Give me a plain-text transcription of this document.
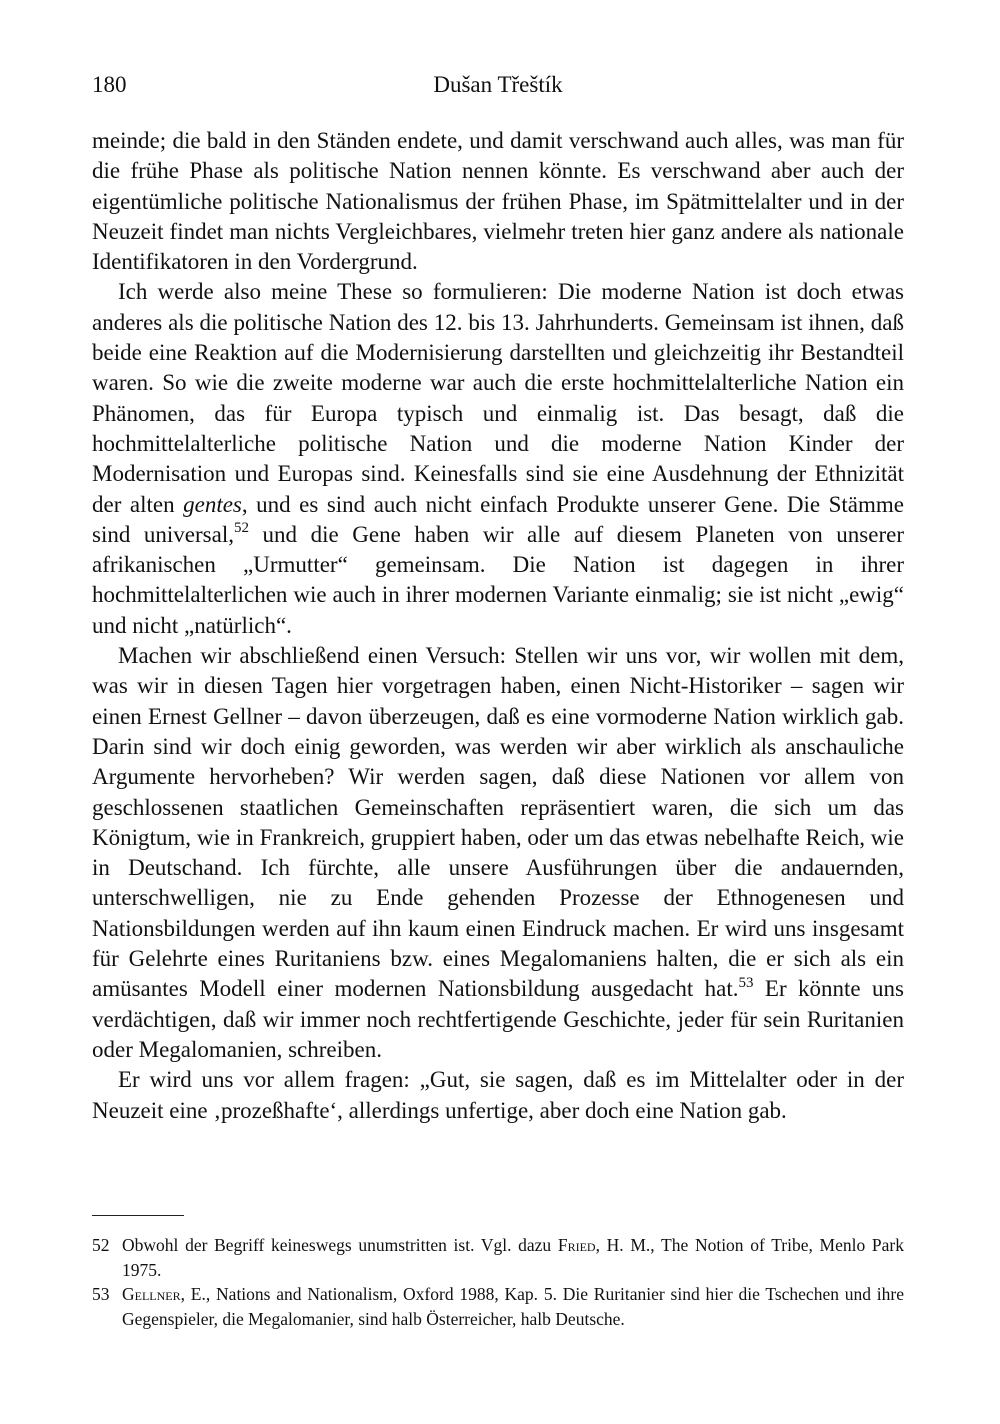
180	Dušan Třeštík

meinde; die bald in den Ständen endete, und damit verschwand auch alles, was man für die frühe Phase als politische Nation nennen könnte. Es verschwand aber auch der eigentümliche politische Nationalismus der frühen Phase, im Spätmittelalter und in der Neuzeit findet man nichts Vergleichbares, vielmehr treten hier ganz andere als nationale Identifikatoren in den Vordergrund.

Ich werde also meine These so formulieren: Die moderne Nation ist doch etwas anderes als die politische Nation des 12. bis 13. Jahrhunderts. Gemeinsam ist ihnen, daß beide eine Reaktion auf die Modernisierung darstellten und gleichzeitig ihr Bestandteil waren. So wie die zweite moderne war auch die erste hochmittelalterliche Nation ein Phänomen, das für Europa typisch und einmalig ist. Das besagt, daß die hochmittelalterliche politische Nation und die moderne Nation Kinder der Modernisation und Europas sind. Keinesfalls sind sie eine Ausdehnung der Ethnizität der alten gentes, und es sind auch nicht einfach Produkte unserer Gene. Die Stämme sind universal,$^{52}$ und die Gene haben wir alle auf diesem Planeten von unserer afrikanischen „Urmutter“ gemeinsam. Die Nation ist dagegen in ihrer hochmittelalterlichen wie auch in ihrer modernen Variante einmalig; sie ist nicht „ewig“ und nicht „natürlich“.

Machen wir abschließend einen Versuch: Stellen wir uns vor, wir wollen mit dem, was wir in diesen Tagen hier vorgetragen haben, einen Nicht-Historiker – sagen wir einen Ernest Gellner – davon überzeugen, daß es eine vormoderne Nation wirklich gab. Darin sind wir doch einig geworden, was werden wir aber wirklich als anschauliche Argumente hervorheben? Wir werden sagen, daß diese Nationen vor allem von geschlossenen staatlichen Gemeinschaften repräsentiert waren, die sich um das Königtum, wie in Frankreich, gruppiert haben, oder um das etwas nebelhafte Reich, wie in Deutschand. Ich fürchte, alle unsere Ausführungen über die andauernden, unterschwelligen, nie zu Ende gehenden Prozesse der Ethnogenesen und Nationsbildungen werden auf ihn kaum einen Eindruck machen. Er wird uns insgesamt für Gelehrte eines Ruritaniens bzw. eines Megalomaniens halten, die er sich als ein amüsantes Modell einer modernen Nationsbildung ausgedacht hat.$^{53}$ Er könnte uns verdächtigen, daß wir immer noch rechtfertigende Geschichte, jeder für sein Ruritanien oder Megalomanien, schreiben.

Er wird uns vor allem fragen: „Gut, sie sagen, daß es im Mittelalter oder in der Neuzeit eine ‚prozeßhafte‘, allerdings unfertige, aber doch eine Nation gab.

52 Obwohl der Begriff keineswegs unumstritten ist. Vgl. dazu Fried, H. M., The Notion of Tribe, Menlo Park 1975.
53 Gellner, E., Nations and Nationalism, Oxford 1988, Kap. 5. Die Ruritanier sind hier die Tschechen und ihre Gegenspieler, die Megalomanier, sind halb Österreicher, halb Deutsche.
